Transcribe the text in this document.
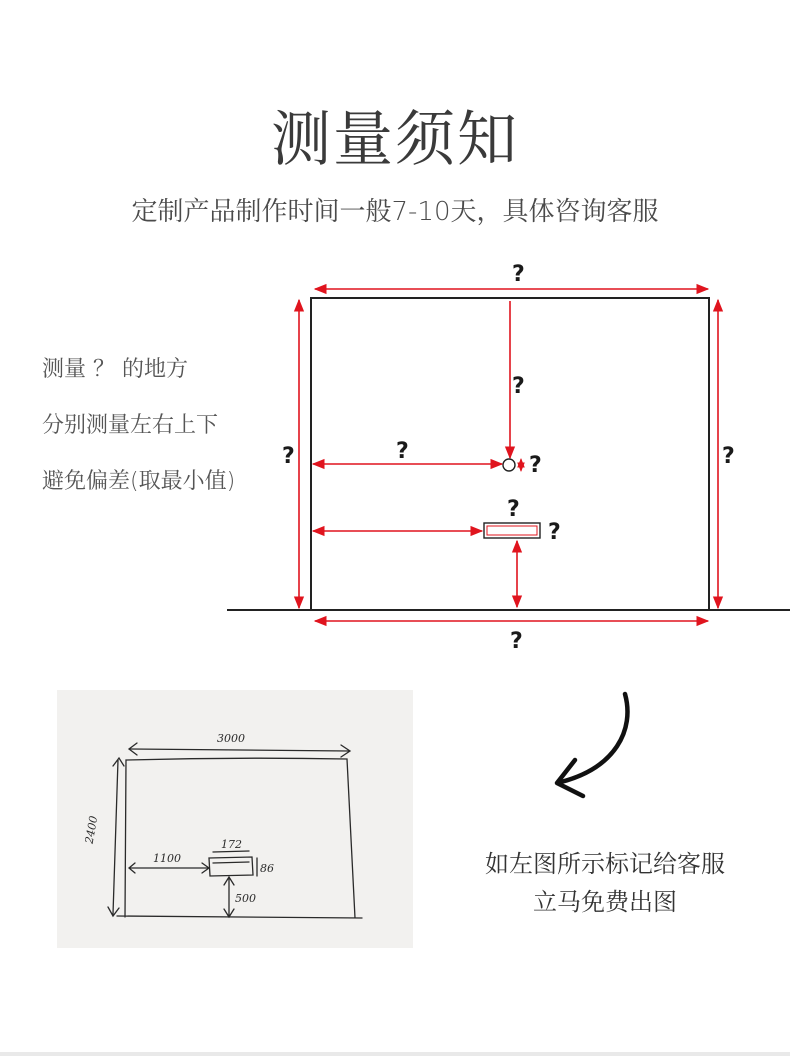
测量须知
定制产品制作时间一般7-10天，具体咨询客服
测量 ？ 的地方
分别测量左右上下
避免偏差(取最小值)
?
?
?	?
?
?
?
?
?
3000
2400
1100
172
86
500
如左图所示标记给客服
立马免费出图
